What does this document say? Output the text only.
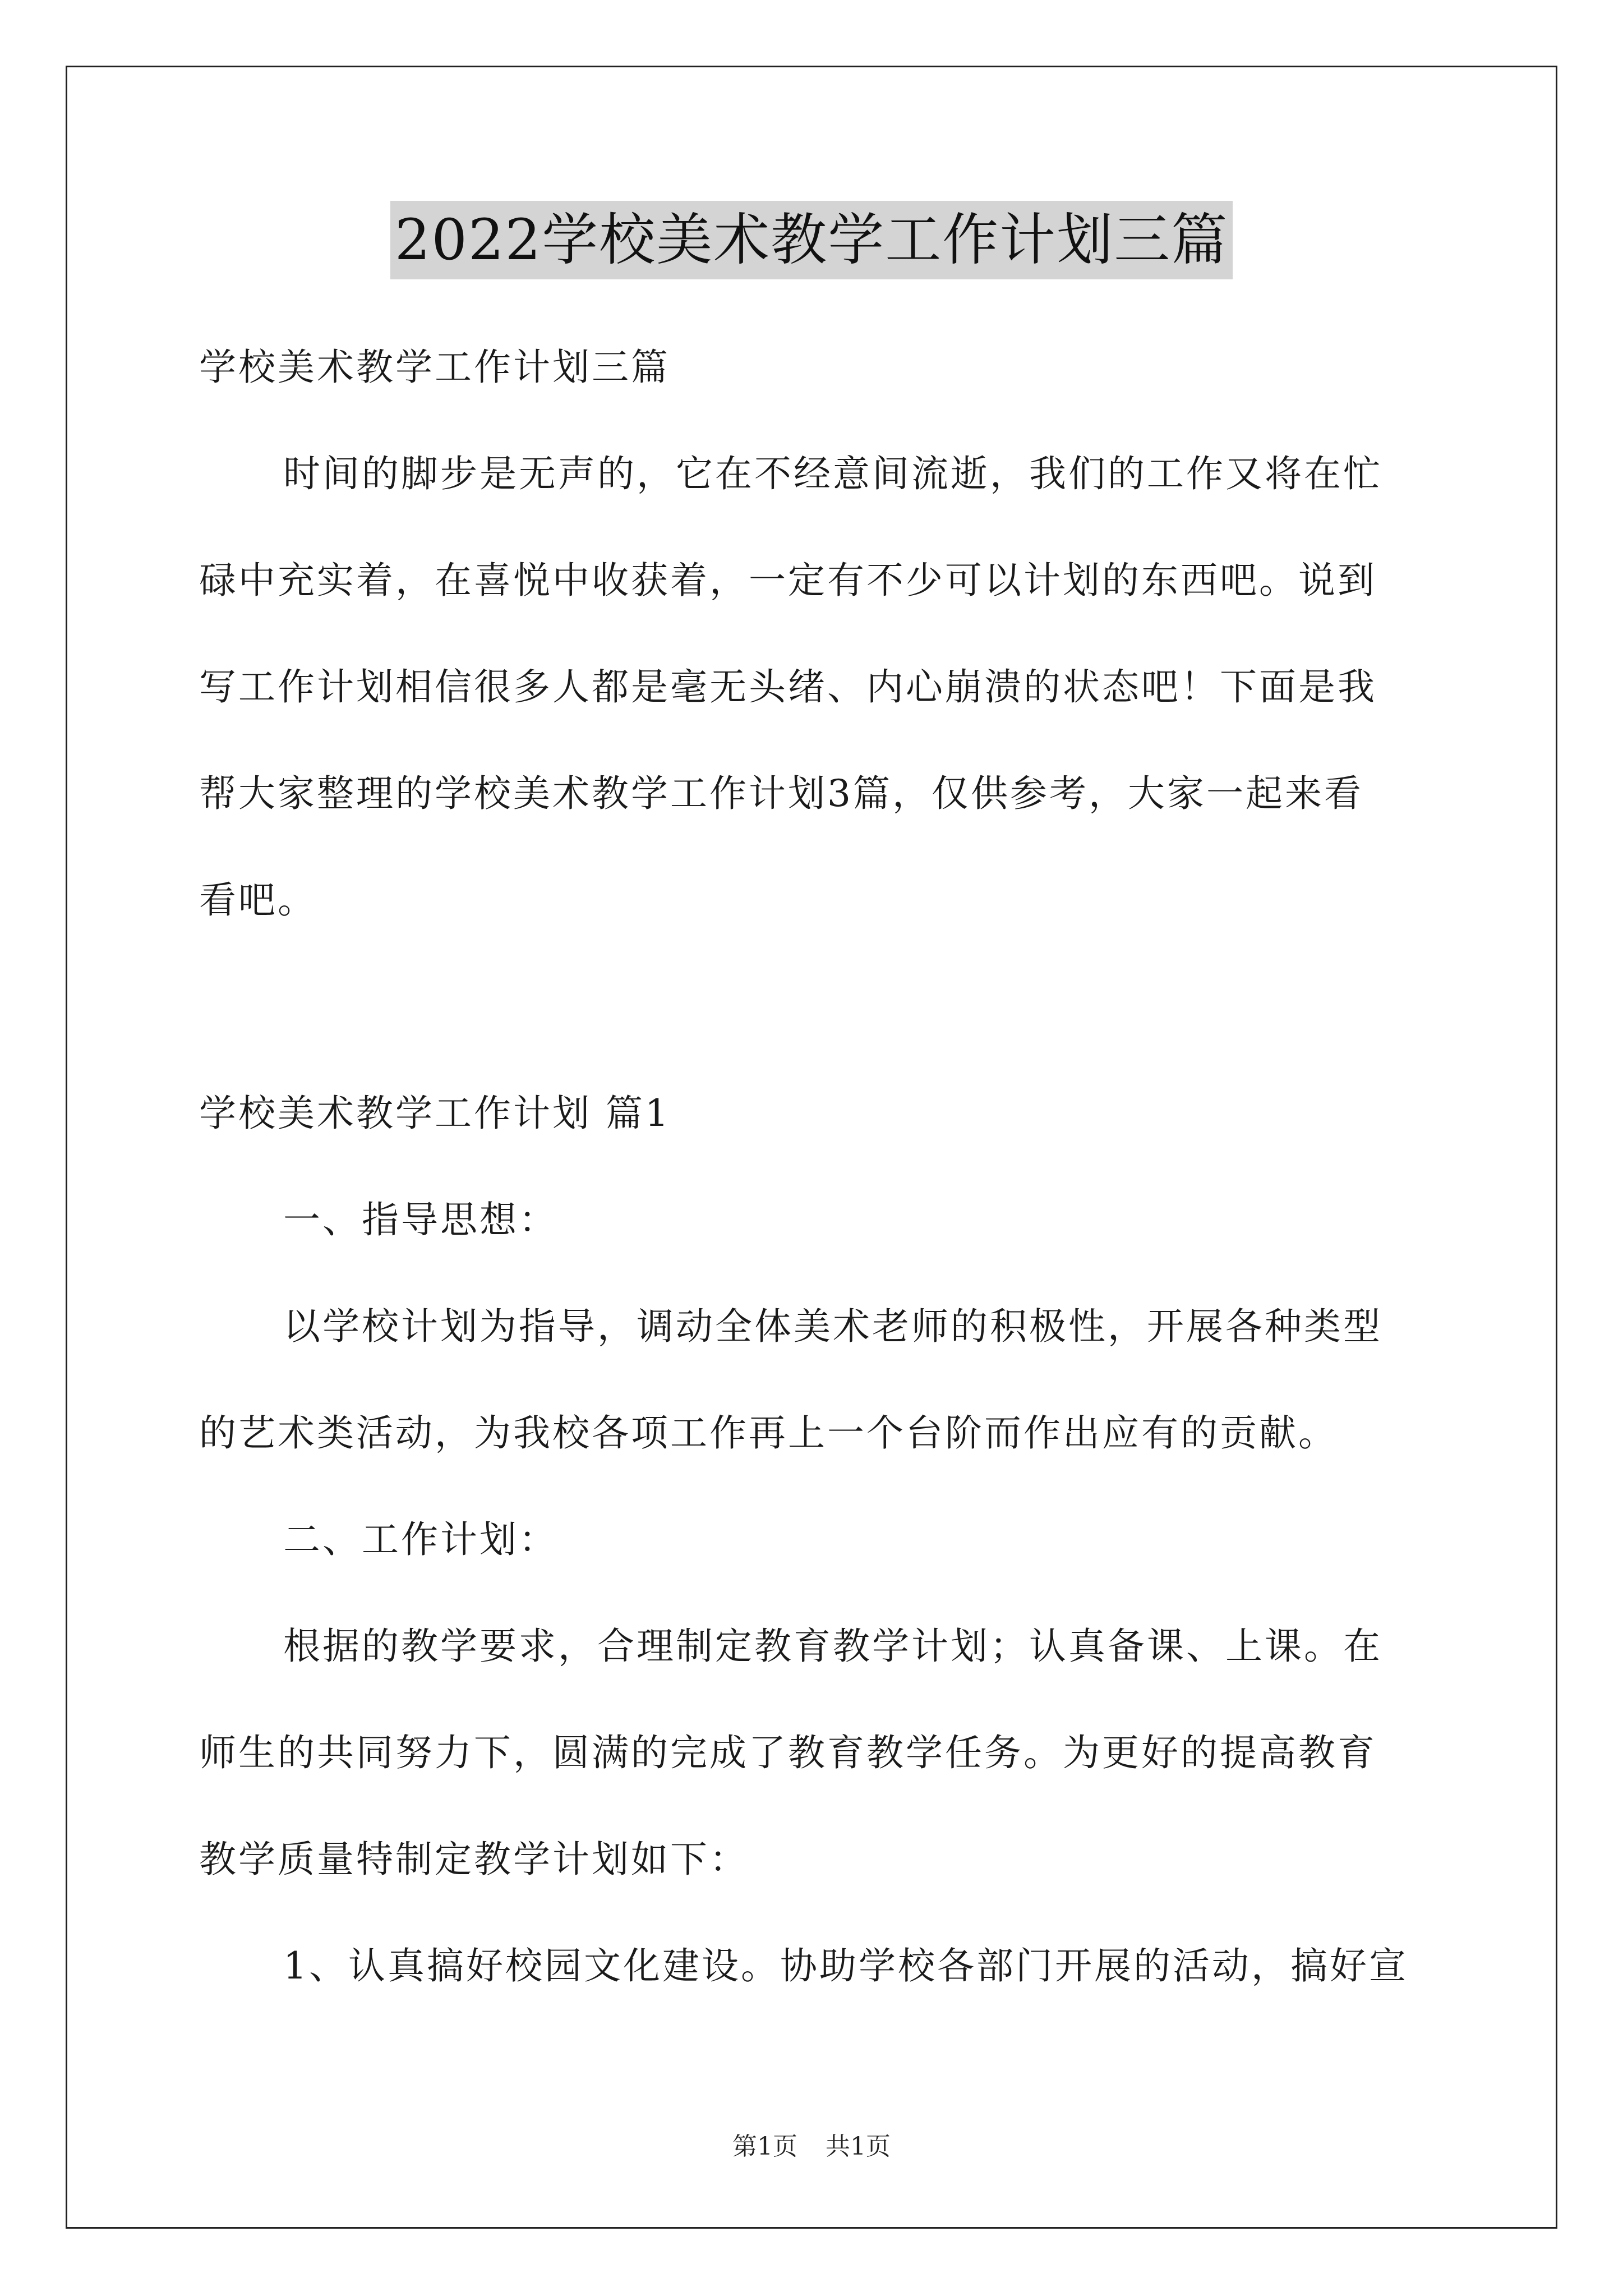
2022学校美术教学工作计划三篇
学校美术教学工作计划三篇
时间的脚步是无声的，它在不经意间流逝，我们的工作又将在忙
碌中充实着，在喜悦中收获着，一定有不少可以计划的东西吧。说到
写工作计划相信很多人都是毫无头绪、内心崩溃的状态吧！下面是我
帮大家整理的学校美术教学工作计划3篇，仅供参考，大家一起来看
看吧。
学校美术教学工作计划 篇1
一、指导思想：
以学校计划为指导，调动全体美术老师的积极性，开展各种类型
的艺术类活动，为我校各项工作再上一个台阶而作出应有的贡献。
二、工作计划：
根据的教学要求，合理制定教育教学计划；认真备课、上课。在
师生的共同努力下，圆满的完成了教育教学任务。为更好的提高教育
教学质量特制定教学计划如下：
1、认真搞好校园文化建设。协助学校各部门开展的活动，搞好宣
第1页 共1页
